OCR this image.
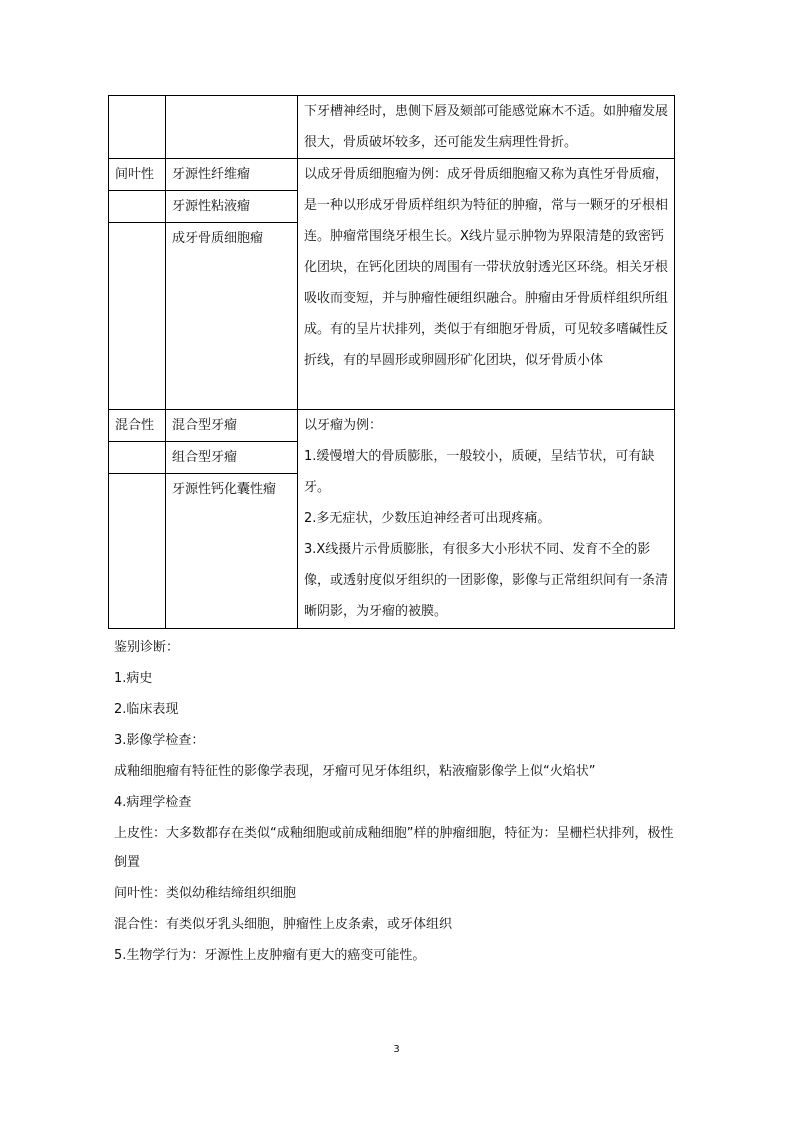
		下牙槽神经时，患侧下唇及颏部可能感觉麻木不适。如肿瘤发展很大，骨质破坏较多，还可能发生病理性骨折。

间叶性	牙源性纤维瘤	以成牙骨质细胞瘤为例：成牙骨质细胞瘤又称为真性牙骨质瘤，是一种以形成牙骨质样组织为特征的肿瘤，常与一颗牙的牙根相连。肿瘤常围绕牙根生长。X线片显示肿物为界限清楚的致密钙化团块，在钙化团块的周围有一带状放射透光区环绕。相关牙根吸收而变短，并与肿瘤性硬组织融合。肿瘤由牙骨质样组织所组成。有的呈片状排列，类似于有细胞牙骨质，可见较多嗜碱性反折线，有的早圆形或卵圆形矿化团块，似牙骨质小体

	牙源性粘液瘤	
	成牙骨质细胞瘤	
混合性	混合型牙瘤	以牙瘤为例：

1.缓慢增大的骨质膨胀，一般较小，质硬，呈结节状，可有缺牙。

2.多无症状，少数压迫神经者可出现疼痛。

3.X线摄片示骨质膨胀，有很多大小形状不同、发育不全的影像，或透射度似牙组织的一团影像，影像与正常组织间有一条清晰阴影，为牙瘤的被膜。

	组合型牙瘤	
	牙源性钙化囊性瘤	

鉴别诊断：

1.病史

2.临床表现

3.影像学检查：

成釉细胞瘤有特征性的影像学表现，牙瘤可见牙体组织，粘液瘤影像学上似“火焰状”

4.病理学检查

上皮性：大多数都存在类似“成釉细胞或前成釉细胞”样的肿瘤细胞，特征为：呈栅栏状排列，极性倒置

间叶性：类似幼稚结缔组织细胞

混合性：有类似牙乳头细胞，肿瘤性上皮条索，或牙体组织

5.生物学行为：牙源性上皮肿瘤有更大的癌变可能性。

3
